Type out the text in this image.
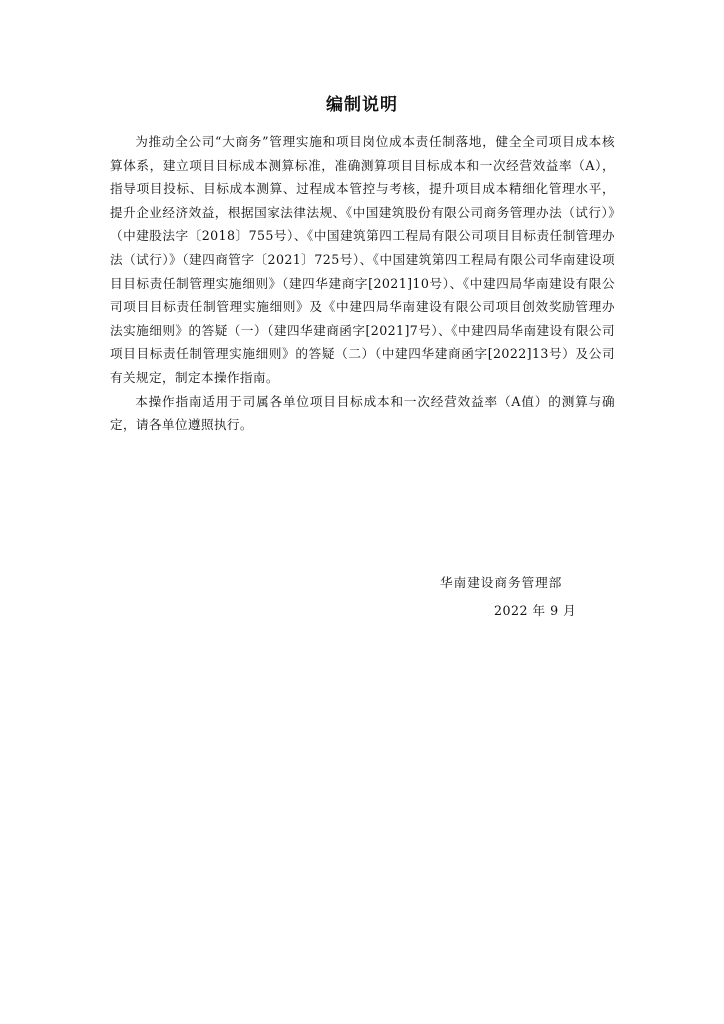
编制说明

为推动全公司“大商务”管理实施和项目岗位成本责任制落地，健全全司项目成本核算体系，建立项目目标成本测算标准，准确测算项目目标成本和一次经营效益率（A），指导项目投标、目标成本测算、过程成本管控与考核，提升项目成本精细化管理水平，提升企业经济效益，根据国家法律法规、《中国建筑股份有限公司商务管理办法（试行）》（中建股法字〔2018〕755号）、《中国建筑第四工程局有限公司项目目标责任制管理办法（试行）》（建四商管字〔2021〕725号）、《中国建筑第四工程局有限公司华南建设项目目标责任制管理实施细则》（建四华建商字[2021]10号）、《中建四局华南建设有限公司项目目标责任制管理实施细则》及《中建四局华南建设有限公司项目创效奖励管理办法实施细则》的答疑（一）（建四华建商函字[2021]7号）、《中建四局华南建设有限公司项目目标责任制管理实施细则》的答疑（二）（中建四华建商函字[2022]13号）及公司有关规定，制定本操作指南。

本操作指南适用于司属各单位项目目标成本和一次经营效益率（A值）的测算与确定，请各单位遵照执行。

华南建设商务管理部
2022 年 9 月
